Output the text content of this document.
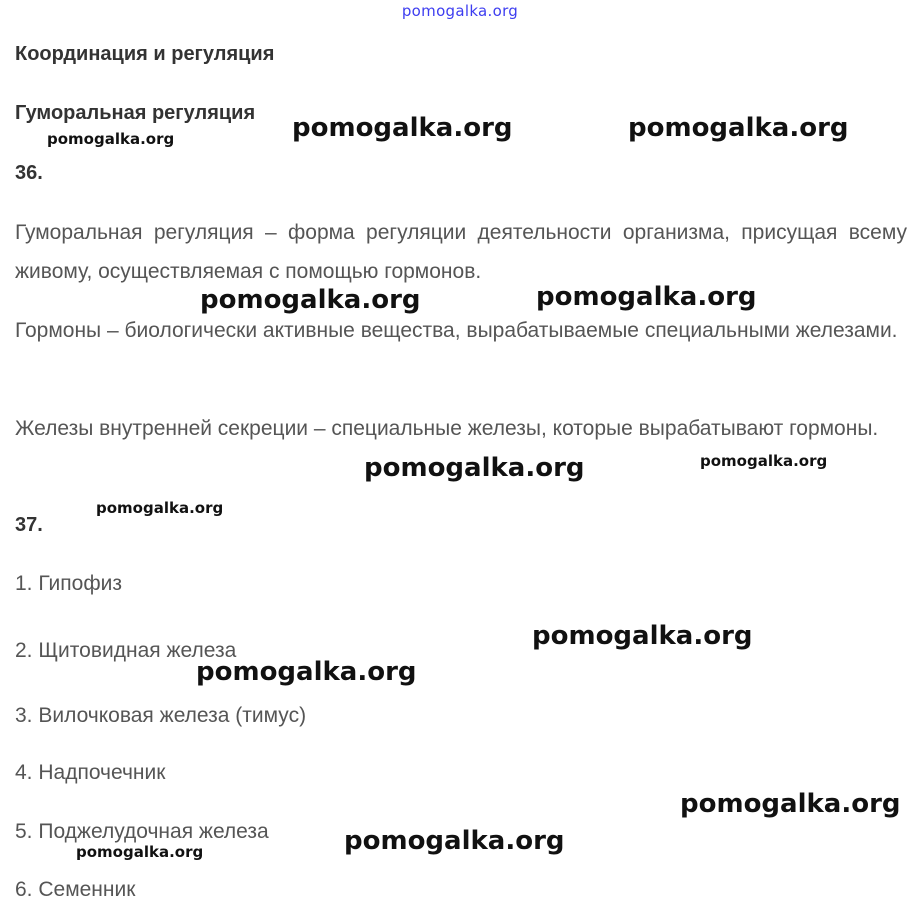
pomogalka.org
Координация и регуляция
Гуморальная регуляция
36.

Гуморальная регуляция – форма регуляции деятельности организма, присущая всему живому, осуществляемая с помощью гормонов.

Гормоны – биологически активные вещества, вырабатываемые специальными железами.

Железы внутренней секреции – специальные железы, которые вырабатывают гормоны.

37.
1. Гипофиз
2. Щитовидная железа
3. Вилочковая железа (тимус)
4. Надпочечник
5. Поджелудочная железа
6. Семенник
pomogalka.org	pomogalka.org	pomogalka.org
pomogalka.org	pomogalka.org
pomogalka.org	pomogalka.org
pomogalka.org
pomogalka.org
pomogalka.org
pomogalka.org
pomogalka.org
pomogalka.org
